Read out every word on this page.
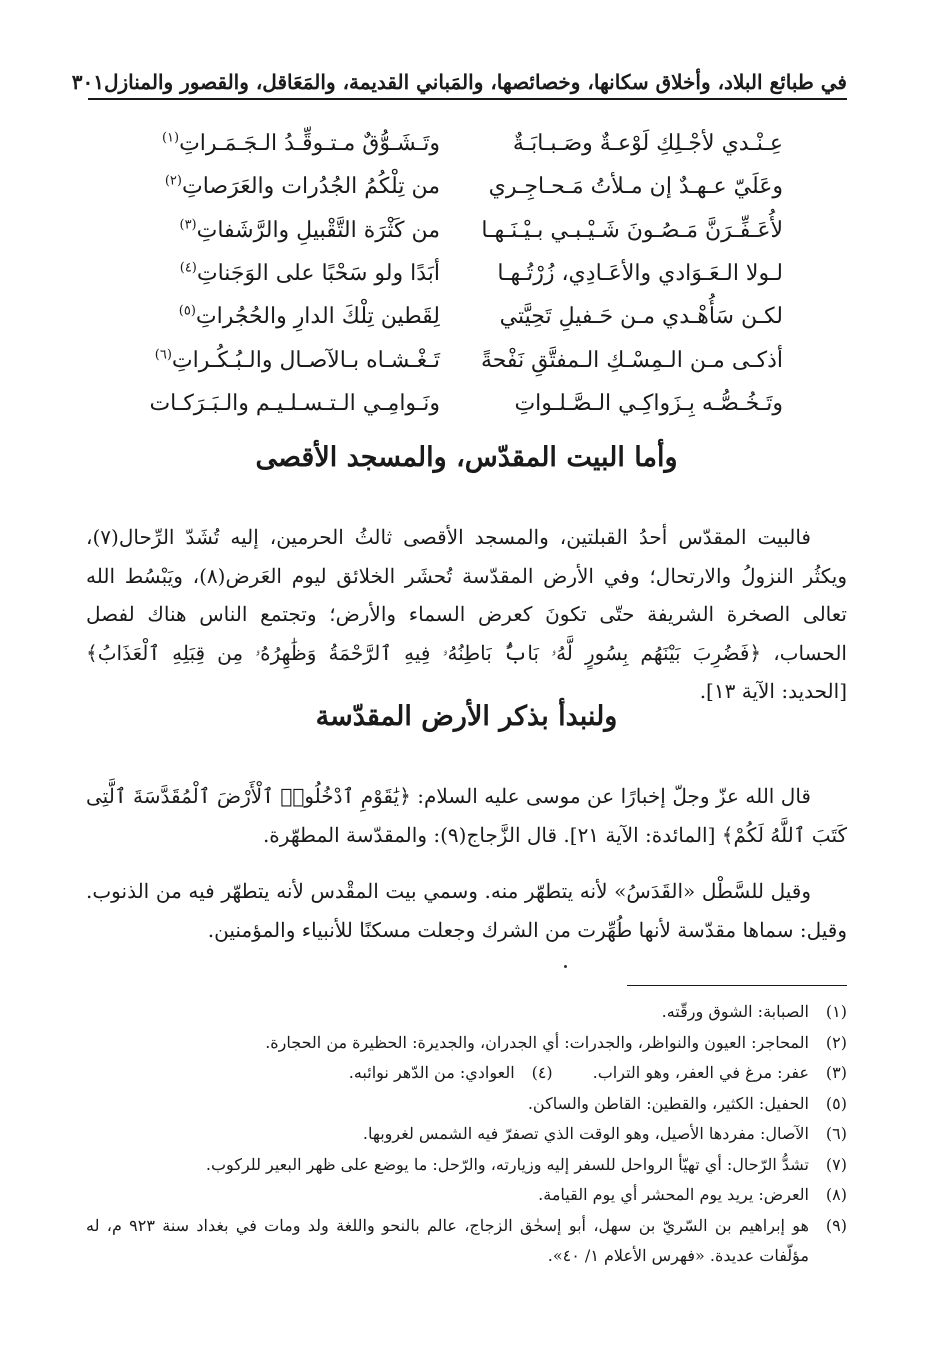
في طبائع البلاد، وأخلاق سكانها، وخصائصها، والمَباني القديمة، والمَعَاقل، والقصور والمنازل
٣٠١
عِـنْـدي لأجْـلِكِ لَوْعـةٌ وصَـبـابَـةٌ
وتَـشَـوُّقٌ مـتـوقِّـدُ الـجَـمَـراتِ$^{(١)}$
وعَلَيّ عـهـدٌ إن مـلأتُ مَـحـاجِـري
من تِلْكُمُ الجُدُرات والعَرَصاتِ$^{(٢)}$
لأُعَـفِّـرَنَّ مَـصُـونَ شَـيْـبـي بـيْـنَـهـا
من كَثْرَة التَّقْبيلِ والرَّشَفاتِ$^{(٣)}$
لـولا الـعَـوَادي والأعَـادِي، زُرْتُـهـا
أبَدًا ولو سَحْبًا على الوَجَناتِ$^{(٤)}$
لكـن سَأُهْـدي مـن حَـفيلِ تَحِيَّتي
لِقَطين تِلْكَ الدارِ والحُجُراتِ$^{(٥)}$
أذكـى مـن الـمِسْـكِ الـمفتَّقِ نَفْحةً
تَـغْـشـاه بـالآصـال والـبُـكُـراتِ$^{(٦)}$
وتَـخُـصُّـه بِـزَواكِـي الـصَّـلـواتِ
ونَـوامِـي الـتـسـلـيـم والـبَـرَكـات
وأما البيت المقدّس، والمسجد الأقصى

فالبيت المقدّس أحدُ القبلتين، والمسجد الأقصى ثالثُ الحرمين، إليه تُشَدّ الرِّحال(٧)، ويكثُر النزولُ والارتحال؛ وفي الأرض المقدّسة تُحشَر الخلائق ليوم العَرض(٨)، ويَبْسُط الله تعالى الصخرة الشريفة حتّى تكونَ كعرض السماء والأرض؛ وتجتمع الناس هناك لفصل الحساب، ﴿فَضُرِبَ بَيْنَهُم بِسُورٍ لَّهُۥ بَابٌۢ بَاطِنُهُۥ فِيهِ ٱلرَّحْمَةُ وَظَٰهِرُهُۥ مِن قِبَلِهِ ٱلْعَذَابُ﴾ [الحديد: الآية ١٣].

ولنبدأ بذكر الأرض المقدّسة

قال الله عزّ وجلّ إخبارًا عن موسى عليه السلام: ﴿يَٰقَوْمِ ٱدْخُلُوا۟ ٱلْأَرْضَ ٱلْمُقَدَّسَةَ ٱلَّتِى كَتَبَ ٱللَّهُ لَكُمْ﴾ [المائدة: الآية ٢١]. قال الزَّجاج(٩): والمقدّسة المطهّرة.

وقيل للسَّطْل «القَدَسُ» لأنه يتطهّر منه. وسمي بيت المقْدس لأنه يتطهّر فيه من الذنوب. وقيل: سماها مقدّسة لأنها طُهِّرت من الشرك وجعلت مسكنًا للأنبياء والمؤمنين.

(١)
الصبابة: الشوق ورقّته.
(٢)
المحاجر: العيون والنواظر، والجدرات: أي الجدران، والجديرة: الحظيرة من الحجارة.
(٣)
عفر: مرغ في العفر، وهو التراب.
(٤)
العوادي: من الدّهر نوائبه.
(٥)
الحفيل: الكثير، والقطين: القاطن والساكن.
(٦)
الآصال: مفردها الأصيل، وهو الوقت الذي تصفرّ فيه الشمس لغروبها.
(٧)
تشدُّ الرّحال: أي تهيّأ الرواحل للسفر إليه وزيارته، والرّحل: ما يوضع على ظهر البعير للركوب.
(٨)
العرض: يريد يوم المحشر أي يوم القيامة.
(٩)
هو إبراهيم بن السّريّ بن سهل، أبو إسحٰق الزجاج، عالم بالنحو واللغة ولد ومات في بغداد سنة ٩٢٣ م، له مؤلّفات عديدة. «فهرس الأعلام ١/ ٤٠».
